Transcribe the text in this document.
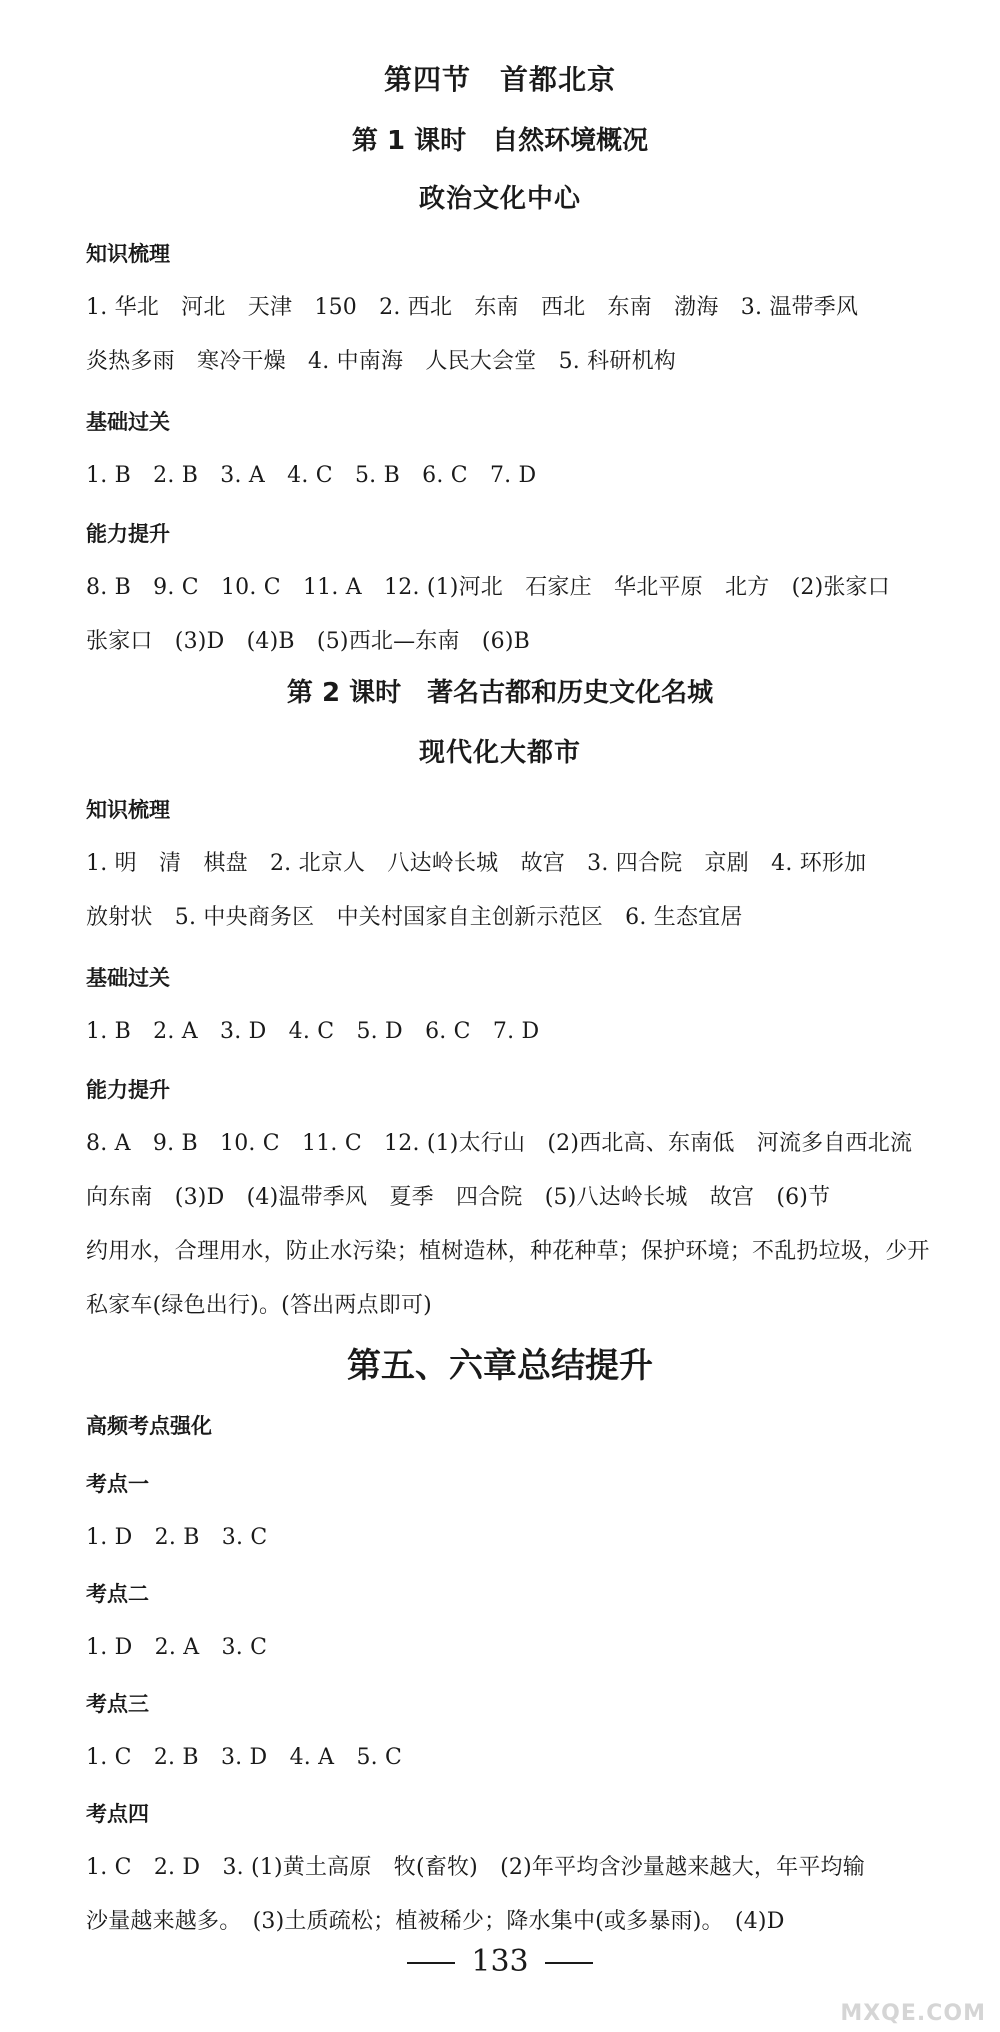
第四节　首都北京
第 1 课时　自然环境概况
政治文化中心
知识梳理
1. 华北　河北　天津　150　2. 西北　东南　西北　东南　渤海　3. 温带季风
炎热多雨　寒冷干燥　4. 中南海　人民大会堂　5. 科研机构
基础过关
1. B　2. B　3. A　4. C　5. B　6. C　7. D
能力提升
8. B　9. C　10. C　11. A　12. (1)河北　石家庄　华北平原　北方　(2)张家口
张家口　(3)D　(4)B　(5)西北—东南　(6)B
第 2 课时　著名古都和历史文化名城
现代化大都市
知识梳理
1. 明　清　棋盘　2. 北京人　八达岭长城　故宫　3. 四合院　京剧　4. 环形加
放射状　5. 中央商务区　中关村国家自主创新示范区　6. 生态宜居
基础过关
1. B　2. A　3. D　4. C　5. D　6. C　7. D
能力提升
8. A　9. B　10. C　11. C　12. (1)太行山　(2)西北高、东南低　河流多自西北流
向东南　(3)D　(4)温带季风　夏季　四合院　(5)八达岭长城　故宫　(6)节
约用水，合理用水，防止水污染；植树造林，种花种草；保护环境；不乱扔垃圾，少开
私家车(绿色出行)。(答出两点即可)
第五、六章总结提升
高频考点强化
考点一
1. D　2. B　3. C
考点二
1. D　2. A　3. C
考点三
1. C　2. B　3. D　4. A　5. C
考点四
1. C　2. D　3. (1)黄土高原　牧(畜牧)　(2)年平均含沙量越来越大，年平均输
沙量越来越多。　(3)土质疏松；植被稀少；降水集中(或多暴雨)。　(4)D
133
MXQE.COM
